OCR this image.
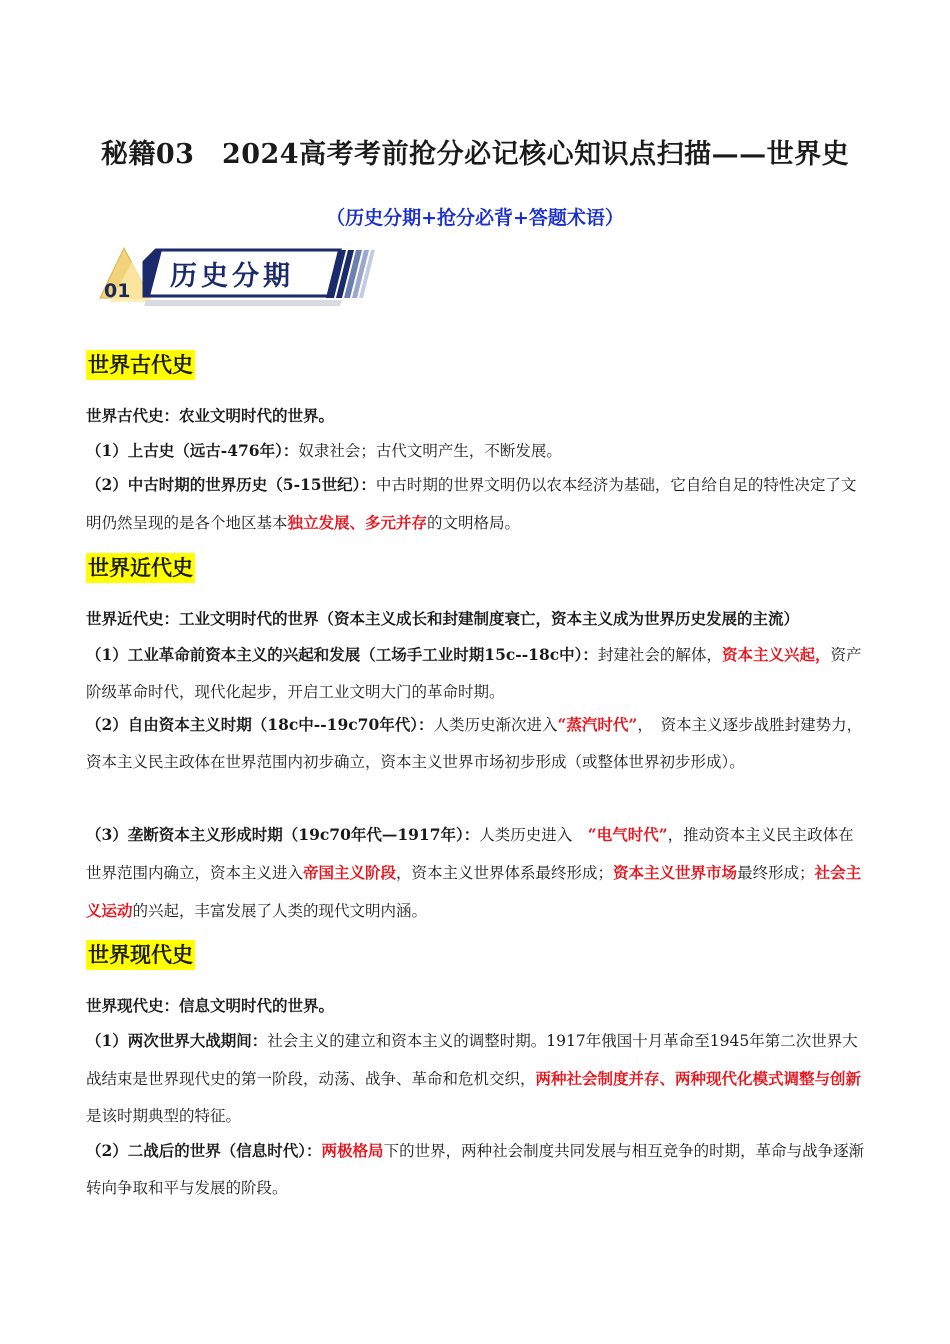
秘籍03　2024高考考前抢分必记核心知识点扫描——世界史
（历史分期+抢分必背+答题术语）
01 历史分期
世界古代史
世界古代史：农业文明时代的世界。
（1）上古史（远古-476年）：奴隶社会；古代文明产生，不断发展。
（2）中古时期的世界历史（5-15世纪）：中古时期的世界文明仍以农本经济为基础，它自给自足的特性决定了文明仍然呈现的是各个地区基本独立发展、多元并存的文明格局。
世界近代史
世界近代史：工业文明时代的世界（资本主义成长和封建制度衰亡，资本主义成为世界历史发展的主流）
（1）工业革命前资本主义的兴起和发展（工场手工业时期15c--18c中）：封建社会的解体，资本主义兴起，资产阶级革命时代，现代化起步，开启工业文明大门的革命时期。
（2）自由资本主义时期（18c中--19c70年代）：人类历史渐次进入“蒸汽时代”，　资本主义逐步战胜封建势力，资本主义民主政体在世界范围内初步确立，资本主义世界市场初步形成（或整体世界初步形成）。
（3）垄断资本主义形成时期（19c70年代—1917年）：人类历史进入　“电气时代”，推动资本主义民主政体在世界范围内确立，资本主义进入帝国主义阶段，资本主义世界体系最终形成；资本主义世界市场最终形成；社会主义运动的兴起，丰富发展了人类的现代文明内涵。
世界现代史
世界现代史：信息文明时代的世界。
（1）两次世界大战期间：社会主义的建立和资本主义的调整时期。1917年俄国十月革命至1945年第二次世界大战结束是世界现代史的第一阶段，动荡、战争、革命和危机交织，两种社会制度并存、两种现代化模式调整与创新是该时期典型的特征。
（2）二战后的世界（信息时代）：两极格局下的世界，两种社会制度共同发展与相互竞争的时期，革命与战争逐渐转向争取和平与发展的阶段。
